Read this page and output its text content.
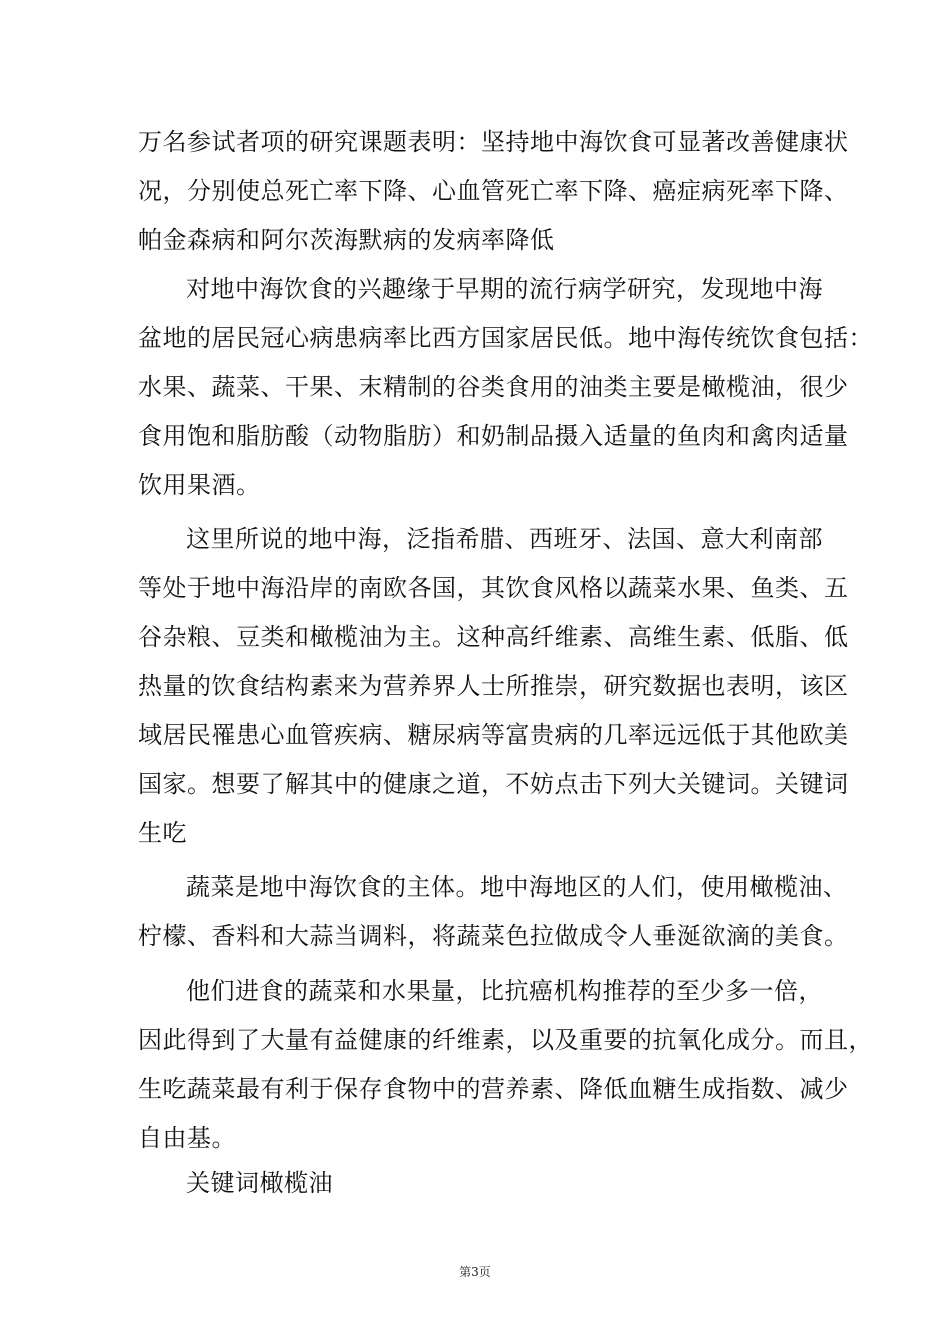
万名参试者项的研究课题表明：坚持地中海饮食可显著改善健康状
况，分别使总死亡率下降、心血管死亡率下降、癌症病死率下降、
帕金森病和阿尔茨海默病的发病率降低
对地中海饮食的兴趣缘于早期的流行病学研究，发现地中海
盆地的居民冠心病患病率比西方国家居民低。地中海传统饮食包括：
水果、蔬菜、干果、末精制的谷类食用的油类主要是橄榄油，很少
食用饱和脂肪酸（动物脂肪）和奶制品摄入适量的鱼肉和禽肉适量
饮用果酒。
这里所说的地中海，泛指希腊、西班牙、法国、意大利南部
等处于地中海沿岸的南欧各国，其饮食风格以蔬菜水果、鱼类、五
谷杂粮、豆类和橄榄油为主。这种高纤维素、高维生素、低脂、低
热量的饮食结构素来为营养界人士所推崇，研究数据也表明，该区
域居民罹患心血管疾病、糖尿病等富贵病的几率远远低于其他欧美
国家。想要了解其中的健康之道，不妨点击下列大关键词。关键词
生吃
蔬菜是地中海饮食的主体。地中海地区的人们，使用橄榄油、
柠檬、香料和大蒜当调料，将蔬菜色拉做成令人垂涎欲滴的美食。
他们进食的蔬菜和水果量，比抗癌机构推荐的至少多一倍，
因此得到了大量有益健康的纤维素，以及重要的抗氧化成分。而且，
生吃蔬菜最有利于保存食物中的营养素、降低血糖生成指数、减少
自由基。
关键词橄榄油
第3页
